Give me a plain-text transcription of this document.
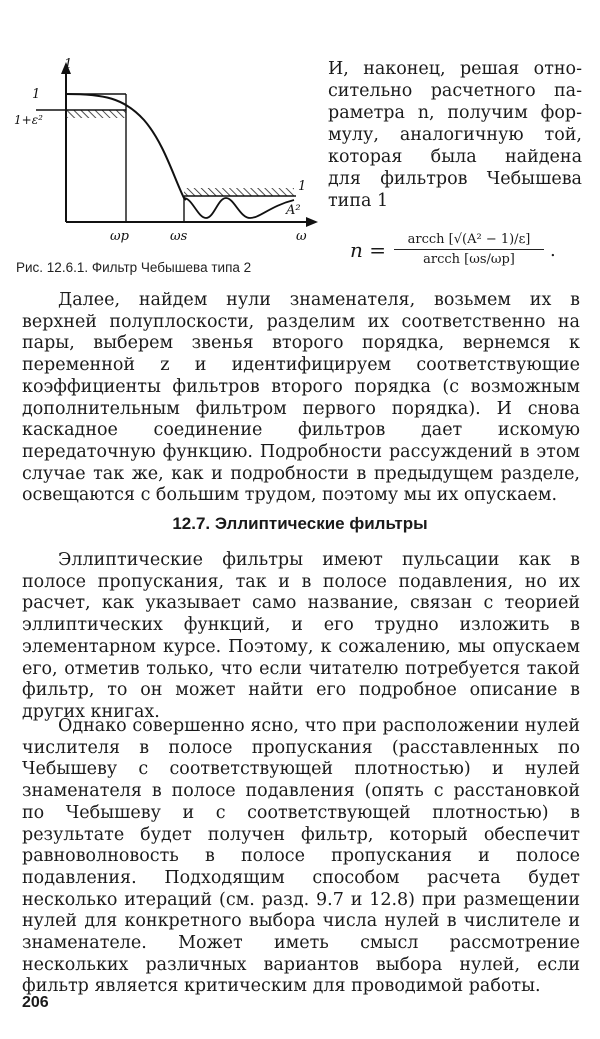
1
1
1+ε²
1
A²
ωp	ωs	ω
Рис. 12.6.1. Фильтр Чебышева типа 2
И, наконец, решая отно-
сительно расчетного па-
раметра n, получим фор-
мулу, аналогичную той,
которая была найдена
для фильтров Чебышева
типа 1
n =	arcch [√(A² − 1)/ε]
arcch [ωs/ωp]	.

Далее, найдем нули знаменателя, возьмем их в верхней полуплоскости, разделим их соответственно на пары, выберем звенья второго порядка, вернемся к переменной z и идентифицируем соответствующие коэффициенты фильтров второго порядка (с возможным дополнительным фильтром первого порядка). И снова каскадное соединение фильтров дает искомую передаточную функцию. Подробности рассуждений в этом случае так же, как и подробности в предыдущем разделе, освещаются с большим трудом, поэтому мы их опускаем.

12.7. Эллиптические фильтры

Эллиптические фильтры имеют пульсации как в полосе пропускания, так и в полосе подавления, но их расчет, как указывает само название, связан с теорией эллиптических функций, и его трудно изложить в элементарном курсе. Поэтому, к сожалению, мы опускаем его, отметив только, что если читателю потребуется такой фильтр, то он может найти его подробное описание в других книгах.

Однако совершенно ясно, что при расположении нулей числителя в полосе пропускания (расставленных по Чебышеву с соответствующей плотностью) и нулей знаменателя в полосе подавления (опять с расстановкой по Чебышеву и с соответствующей плотностью) в результате будет получен фильтр, который обеспечит равноволновость в полосе пропускания и полосе подавления. Подходящим способом расчета будет несколько итераций (см. разд. 9.7 и 12.8) при размещении нулей для конкретного выбора числа нулей в числителе и знаменателе. Может иметь смысл рассмотрение нескольких различных вариантов выбора нулей, если фильтр является критическим для проводимой работы.

206
